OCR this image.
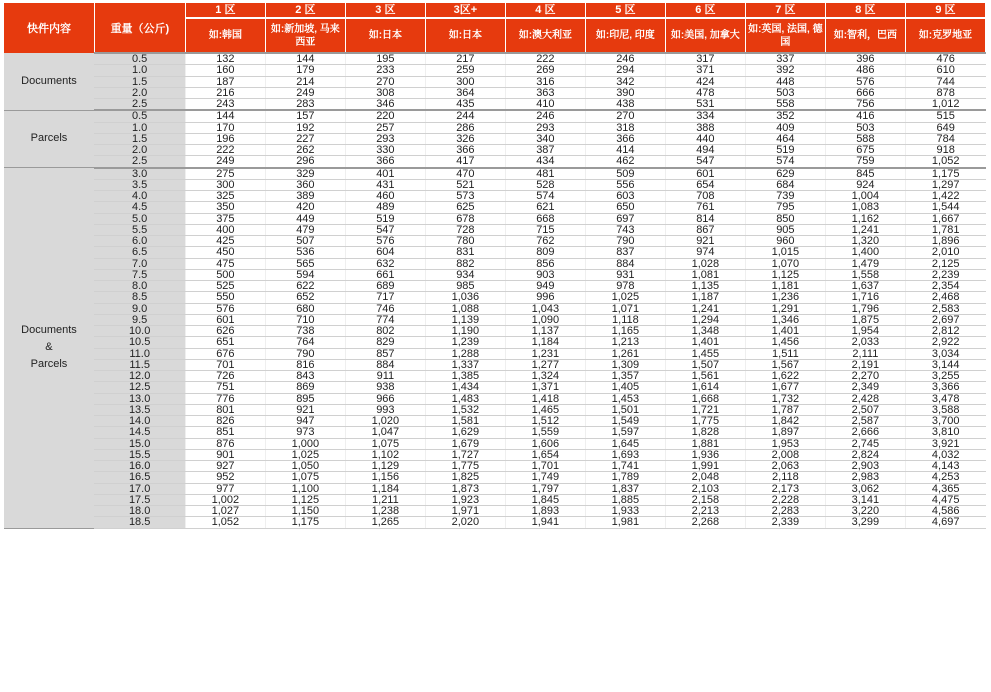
快件内容	重量（公斤)	1 区	2 区	3 区	3区+	4 区	5 区	6 区	7 区	8 区	9 区
		如:韩国	如:新加坡, 马来西亚	如:日本	如:日本	如:澳大利亚	如:印尼, 印度	如:美国, 加拿大	如:英国, 法国, 德国	如:智利，巴西	如:克罗地亚

Documents	0.5	132	144	195	217	222	246	317	337	396	476
	1.0	160	179	233	259	269	294	371	392	486	610
	1.5	187	214	270	300	316	342	424	448	576	744
	2.0	216	249	308	364	363	390	478	503	666	878
	2.5	243	283	346	435	410	438	531	558	756	1,012

Parcels	0.5	144	157	220	244	246	270	334	352	416	515
	1.0	170	192	257	286	293	318	388	409	503	649
	1.5	196	227	293	326	340	366	440	464	588	784
	2.0	222	262	330	366	387	414	494	519	675	918
	2.5	249	296	366	417	434	462	547	574	759	1,052

Documents
&
Parcels	3.0	275	329	401	470	481	509	601	629	845	1,175
	3.5	300	360	431	521	528	556	654	684	924	1,297
	4.0	325	389	460	573	574	603	708	739	1,004	1,422
	4.5	350	420	489	625	621	650	761	795	1,083	1,544
	5.0	375	449	519	678	668	697	814	850	1,162	1,667
	5.5	400	479	547	728	715	743	867	905	1,241	1,781
	6.0	425	507	576	780	762	790	921	960	1,320	1,896
	6.5	450	536	604	831	809	837	974	1,015	1,400	2,010
	7.0	475	565	632	882	856	884	1,028	1,070	1,479	2,125
	7.5	500	594	661	934	903	931	1,081	1,125	1,558	2,239
	8.0	525	622	689	985	949	978	1,135	1,181	1,637	2,354
	8.5	550	652	717	1,036	996	1,025	1,187	1,236	1,716	2,468
	9.0	576	680	746	1,088	1,043	1,071	1,241	1,291	1,796	2,583
	9.5	601	710	774	1,139	1,090	1,118	1,294	1,346	1,875	2,697
	10.0	626	738	802	1,190	1,137	1,165	1,348	1,401	1,954	2,812
	10.5	651	764	829	1,239	1,184	1,213	1,401	1,456	2,033	2,922
	11.0	676	790	857	1,288	1,231	1,261	1,455	1,511	2,111	3,034
	11.5	701	816	884	1,337	1,277	1,309	1,507	1,567	2,191	3,144
	12.0	726	843	911	1,385	1,324	1,357	1,561	1,622	2,270	3,255
	12.5	751	869	938	1,434	1,371	1,405	1,614	1,677	2,349	3,366
	13.0	776	895	966	1,483	1,418	1,453	1,668	1,732	2,428	3,478
	13.5	801	921	993	1,532	1,465	1,501	1,721	1,787	2,507	3,588
	14.0	826	947	1,020	1,581	1,512	1,549	1,775	1,842	2,587	3,700
	14.5	851	973	1,047	1,629	1,559	1,597	1,828	1,897	2,666	3,810
	15.0	876	1,000	1,075	1,679	1,606	1,645	1,881	1,953	2,745	3,921
	15.5	901	1,025	1,102	1,727	1,654	1,693	1,936	2,008	2,824	4,032
	16.0	927	1,050	1,129	1,775	1,701	1,741	1,991	2,063	2,903	4,143
	16.5	952	1,075	1,156	1,825	1,749	1,789	2,048	2,118	2,983	4,253
	17.0	977	1,100	1,184	1,873	1,797	1,837	2,103	2,173	3,062	4,365
	17.5	1,002	1,125	1,211	1,923	1,845	1,885	2,158	2,228	3,141	4,475
	18.0	1,027	1,150	1,238	1,971	1,893	1,933	2,213	2,283	3,220	4,586
	18.5	1,052	1,175	1,265	2,020	1,941	1,981	2,268	2,339	3,299	4,697
